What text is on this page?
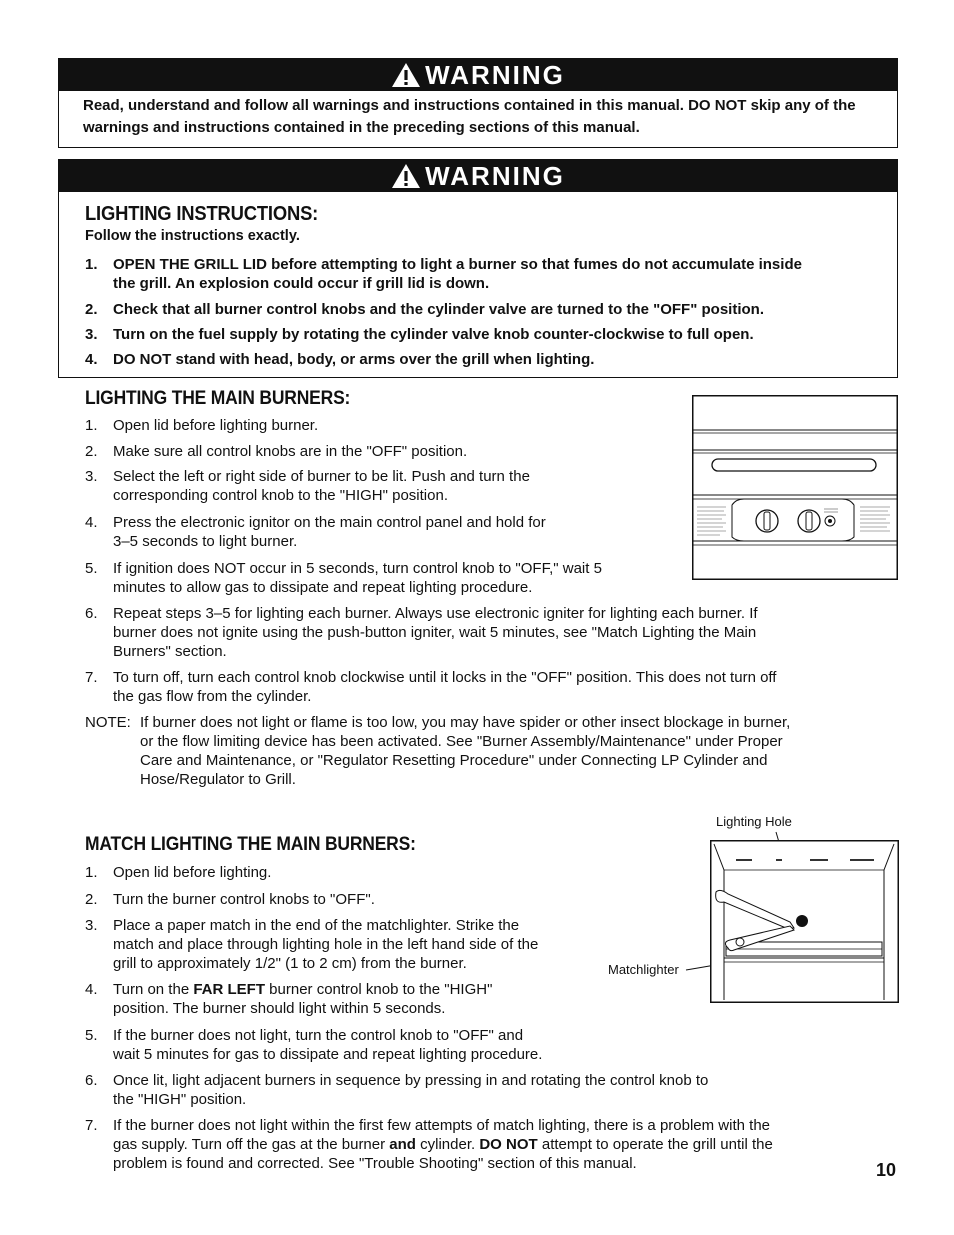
WARNING
Read, understand and follow all warnings and instructions contained in this manual. DO NOT skip any of the warnings and instructions contained in the preceding sections of this manual.
WARNING
LIGHTING INSTRUCTIONS:
Follow the instructions exactly.
1.	OPEN THE GRILL LID before attempting to light a burner so that fumes do not accumulate inside
the grill. An explosion could occur if grill lid is down.
2.	Check that all burner control knobs and the cylinder valve are turned to the "OFF" position.
3.	Turn on the fuel supply by rotating the cylinder valve knob counter-clockwise to full open.
4.	DO NOT stand with head, body, or arms over the grill when lighting.
LIGHTING THE MAIN BURNERS:
1.	Open lid before lighting burner.
2.	Make sure all control knobs are in the "OFF" position.
3.	Select the left or right side of burner to be lit. Push and turn the
corresponding control knob to the "HIGH" position.
4.	Press the electronic ignitor on the main control panel and hold for
3–5 seconds to light burner.
5.	If ignition does NOT occur in 5 seconds, turn control knob to "OFF," wait 5
minutes to allow gas to dissipate and repeat lighting procedure.
6.	Repeat steps 3–5 for lighting each burner. Always use electronic igniter for lighting each burner. If
burner does not ignite using the push-button igniter, wait 5 minutes, see "Match Lighting the Main
Burners" section.
7.	To turn off, turn each control knob clockwise until it locks in the "OFF" position. This does not turn off
the gas flow from the cylinder.
NOTE: If burner does not light or flame is too low, you may have spider or other insect blockage in burner,
or the flow limiting device has been activated. See "Burner Assembly/Maintenance" under Proper
Care and Maintenance, or "Regulator Resetting Procedure" under Connecting LP Cylinder and
Hose/Regulator to Grill.
MATCH LIGHTING THE MAIN BURNERS:
1.	Open lid before lighting.
2.	Turn the burner control knobs to "OFF".
3.	Place a paper match in the end of the matchlighter. Strike the
match and place through lighting hole in the left hand side of the
grill to approximately 1/2" (1 to 2 cm) from the burner.
4.	Turn on the FAR LEFT burner control knob to the "HIGH"
position. The burner should light within 5 seconds.
5.	If the burner does not light, turn the control knob to "OFF" and
wait 5 minutes for gas to dissipate and repeat lighting procedure.
6.	Once lit, light adjacent burners in sequence by pressing in and rotating the control knob to
the "HIGH" position.
7.	If the burner does not light within the first few attempts of match lighting, there is a problem with the
gas supply. Turn off the gas at the burner and cylinder. DO NOT attempt to operate the grill until the
problem is found and corrected. See "Trouble Shooting" section of this manual.
Lighting Hole
Matchlighter
10
